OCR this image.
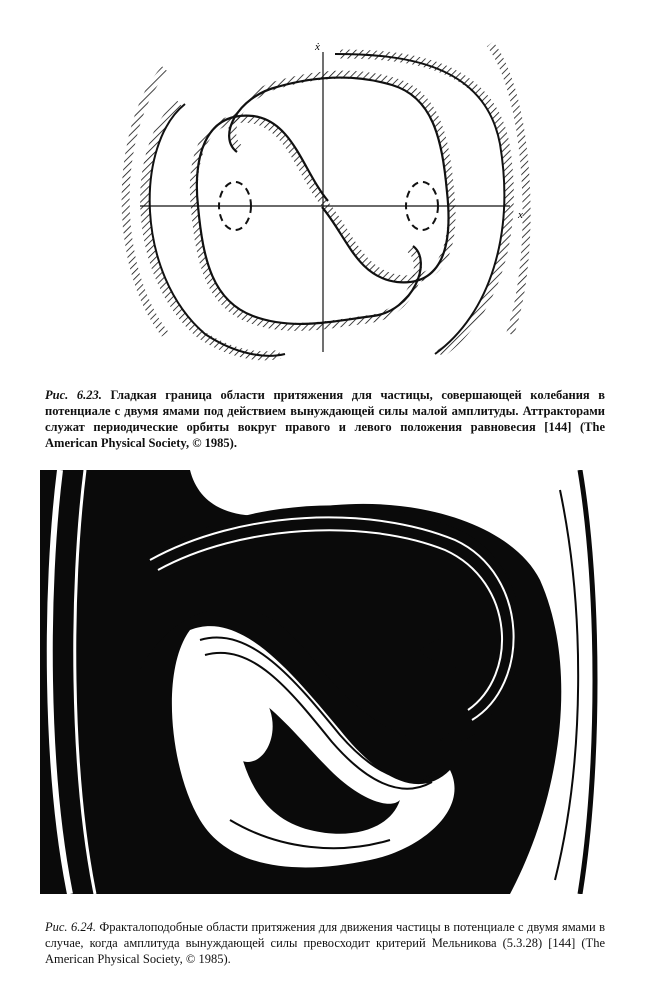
x
ẋ

Рис. 6.23. Гладкая граница области притяжения для частицы, совершающей колебания в потенциале с двумя ямами под действием вынуждающей силы малой амплитуды. Аттракторами служат периодические орбиты вокруг правого и левого положения равновесия [144] (The American Physical Society, © 1985).

Рис. 6.24. Фракталоподобные области притяжения для движения частицы в потенциале с двумя ямами в случае, когда амплитуда вынуждающей силы превосходит критерий Мельникова (5.3.28) [144] (The American Physical Society, © 1985).
